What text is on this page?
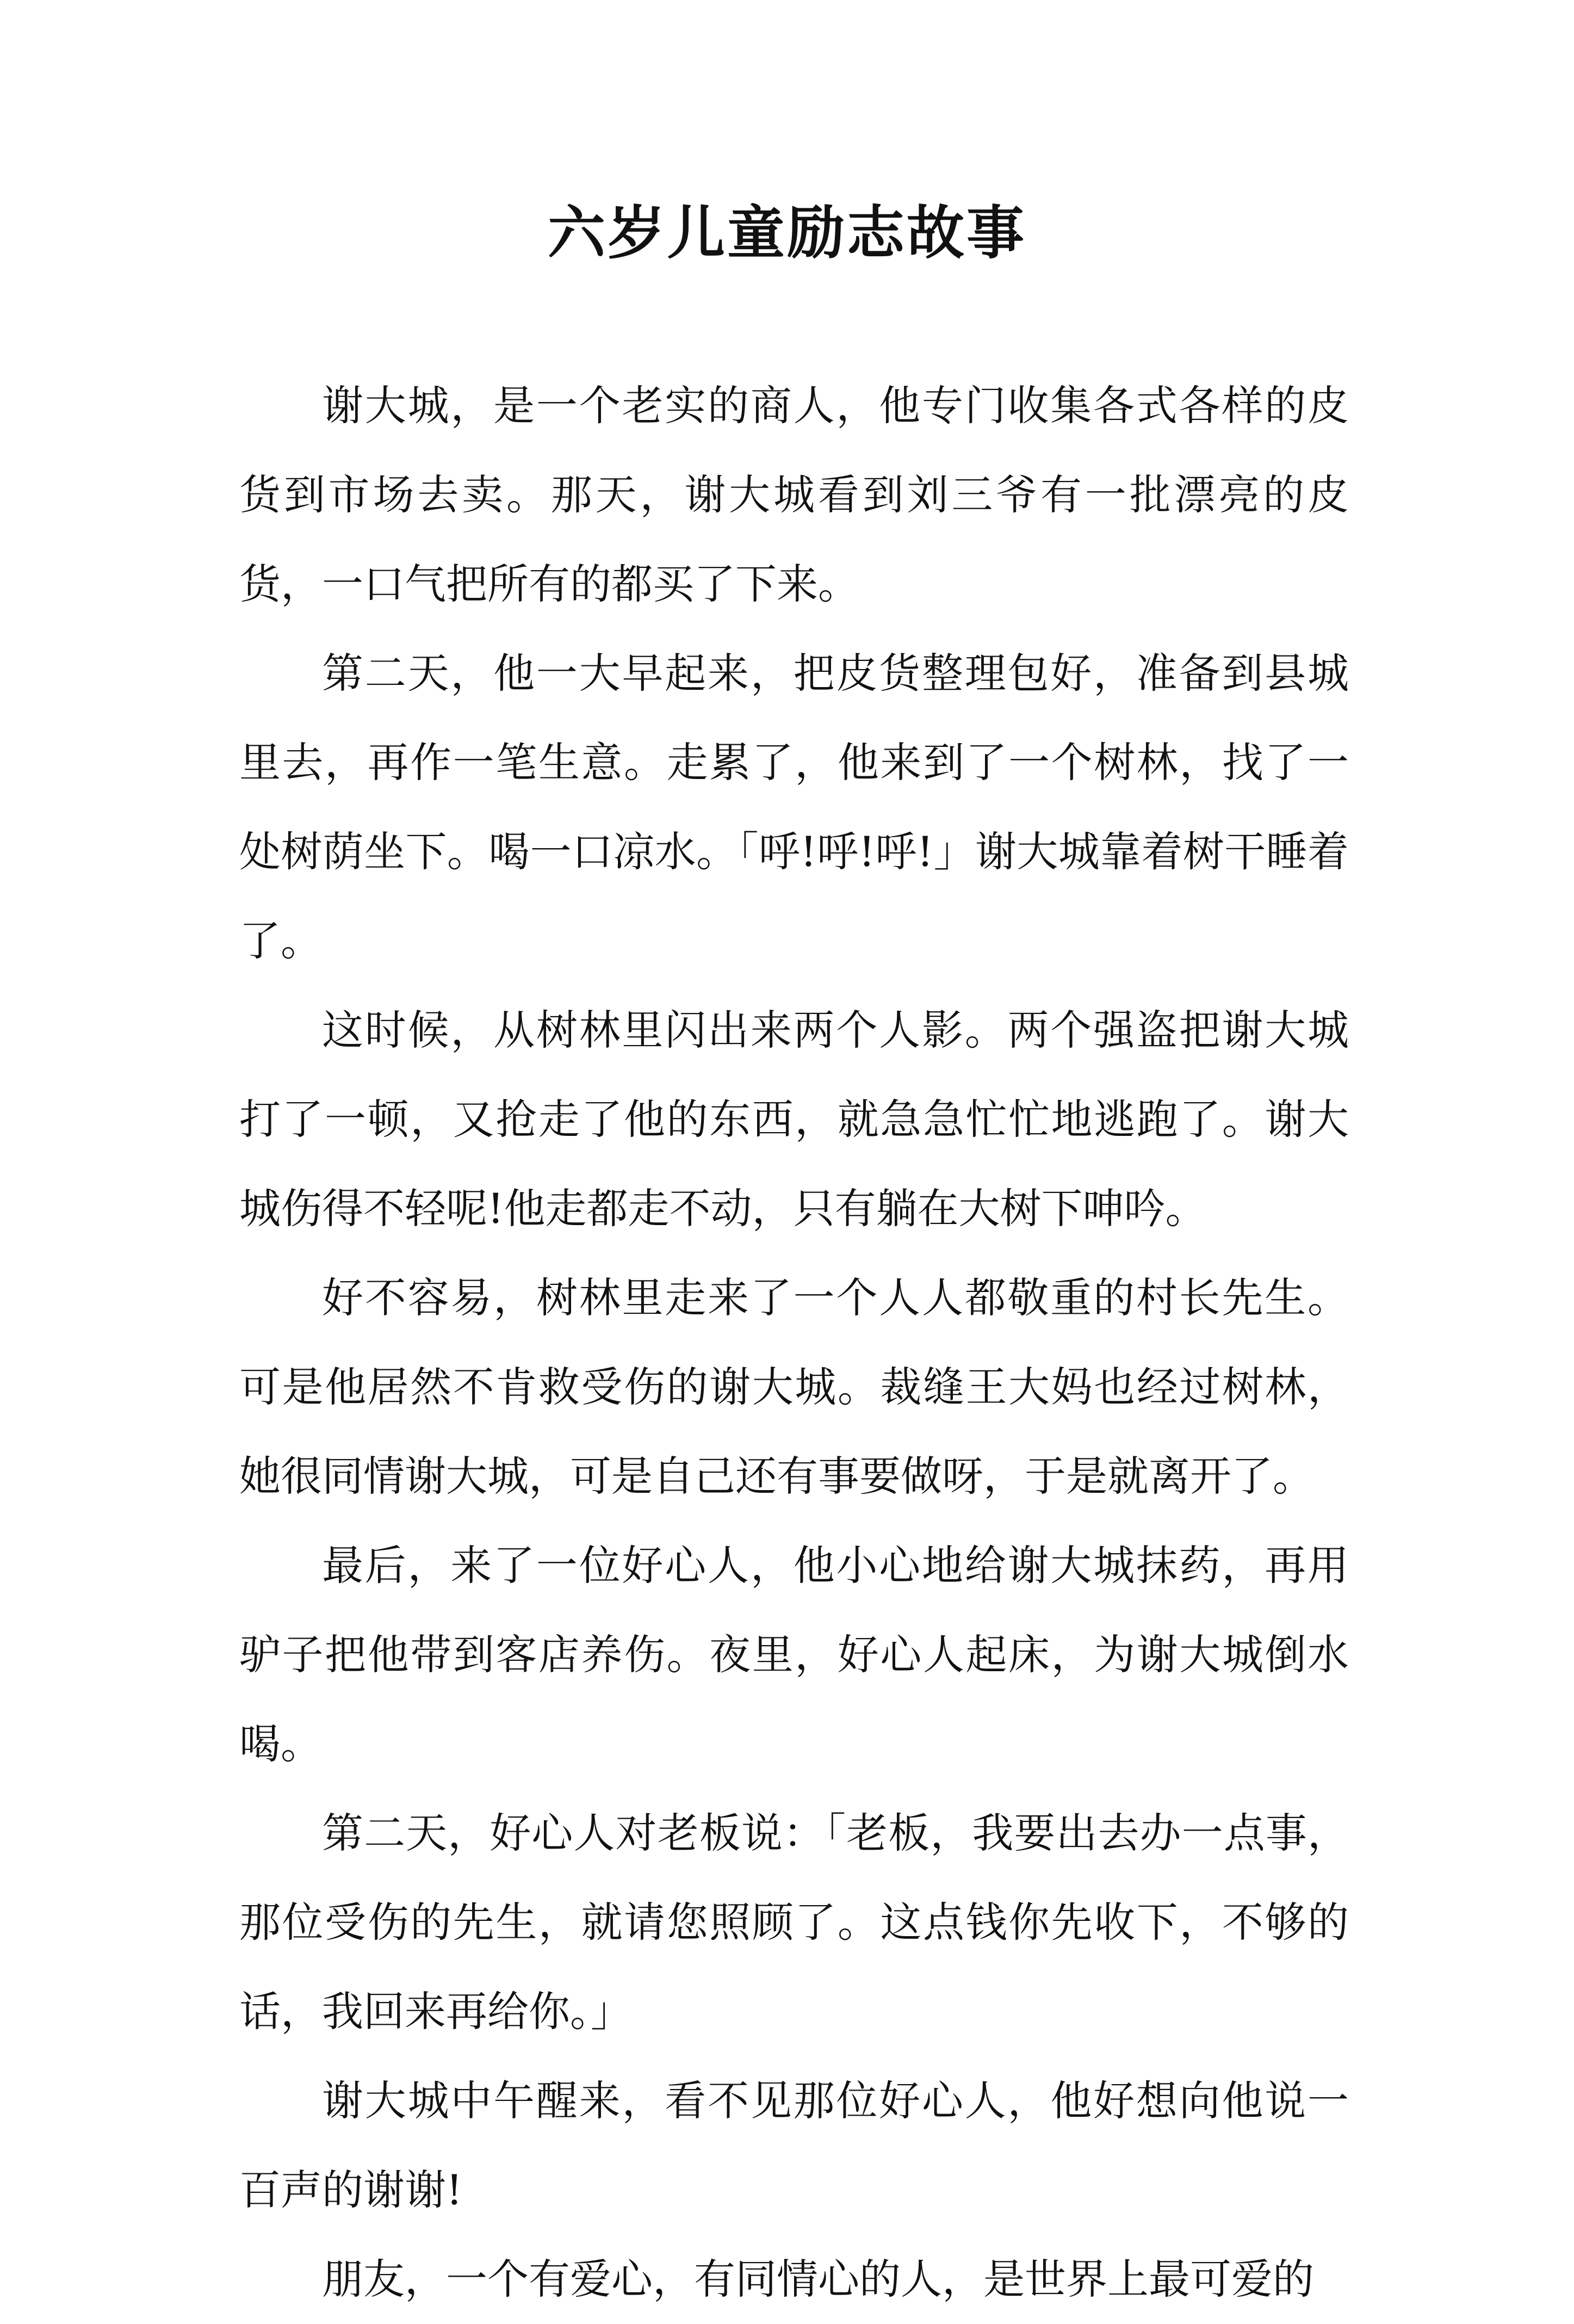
六岁儿童励志故事

谢大城，是一个老实的商人，他专门收集各式各样的皮货到市场去卖。那天，谢大城看到刘三爷有一批漂亮的皮货，一口气把所有的都买了下来。

第二天，他一大早起来，把皮货整理包好，准备到县城里去，再作一笔生意。走累了，他来到了一个树林，找了一处树荫坐下。喝一口凉水。「呼!呼!呼!」谢大城靠着树干睡着了。

这时候，从树林里闪出来两个人影。两个强盗把谢大城打了一顿，又抢走了他的东西，就急急忙忙地逃跑了。谢大城伤得不轻呢!他走都走不动，只有躺在大树下呻吟。

好不容易，树林里走来了一个人人都敬重的村长先生。可是他居然不肯救受伤的谢大城。裁缝王大妈也经过树林，她很同情谢大城，可是自己还有事要做呀，于是就离开了。

最后，来了一位好心人，他小心地给谢大城抹药，再用驴子把他带到客店养伤。夜里，好心人起床，为谢大城倒水喝。

第二天，好心人对老板说：「老板，我要出去办一点事，那位受伤的先生，就请您照顾了。这点钱你先收下，不够的话，我回来再给你。」

谢大城中午醒来，看不见那位好心人，他好想向他说一百声的谢谢!

朋友，一个有爱心，有同情心的人，是世界上最可爱的
